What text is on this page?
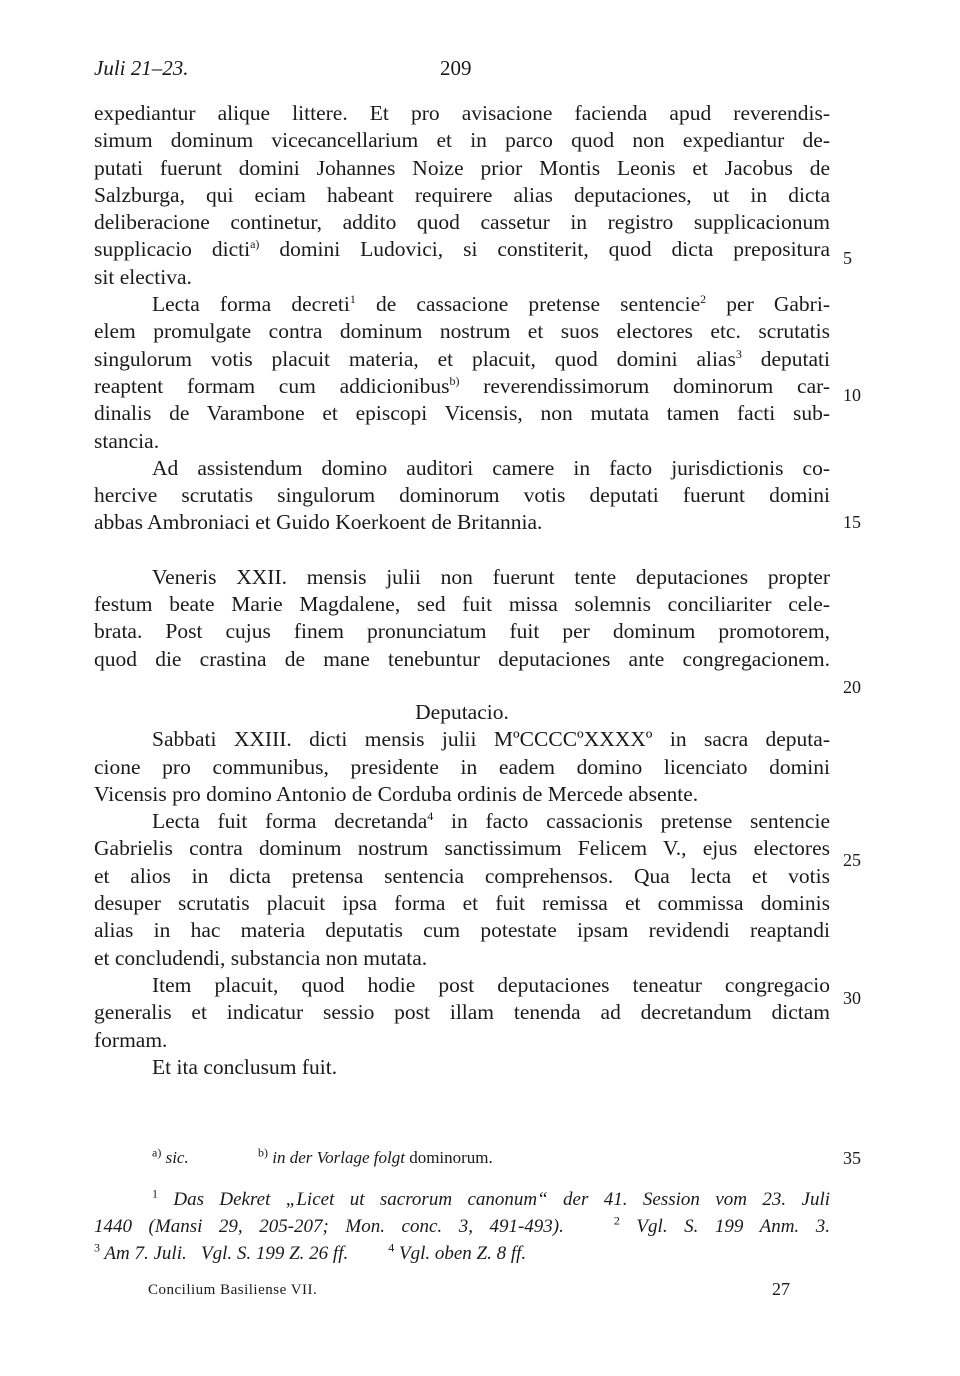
Juli 21–23.	209
expediantur alique littere. Et pro avisacione facienda apud reverendis-
simum dominum vicecancellarium et in parco quod non expediantur de-
putati fuerunt domini Johannes Noize prior Montis Leonis et Jacobus de
Salzburga, qui eciam habeant requirere alias deputaciones, ut in dicta
deliberacione continetur, addito quod cassetur in registro supplicacionum
supplicacio dicti$^{a)}$ domini Ludovici, si constiterit, quod dicta prepositura
sit electiva.
Lecta forma decreti$^1$ de cassacione pretense sentencie$^2$ per Gabri-
elem promulgate contra dominum nostrum et suos electores etc. scrutatis
singulorum votis placuit materia, et placuit, quod domini alias$^3$ deputati
reaptent formam cum addicionibus$^{b)}$ reverendissimorum dominorum car-
dinalis de Varambone et episcopi Vicensis, non mutata tamen facti sub-
stancia.
Ad assistendum domino auditori camere in facto jurisdictionis co-
hercive scrutatis singulorum dominorum votis deputati fuerunt domini
abbas Ambroniaci et Guido Koerkoent de Britannia.
Veneris XXII. mensis julii non fuerunt tente deputaciones propter
festum beate Marie Magdalene, sed fuit missa solemnis conciliariter cele-
brata. Post cujus finem pronunciatum fuit per dominum promotorem,
quod die crastina de mane tenebuntur deputaciones ante congregacionem.
Deputacio.
Sabbati XXIII. dicti mensis julii MºCCCCºXXXXº in sacra deputa-
cione pro communibus, presidente in eadem domino licenciato domini
Vicensis pro domino Antonio de Corduba ordinis de Mercede absente.
Lecta fuit forma decretanda$^4$ in facto cassacionis pretense sentencie
Gabrielis contra dominum nostrum sanctissimum Felicem V., ejus electores
et alios in dicta pretensa sentencia comprehensos. Qua lecta et votis
desuper scrutatis placuit ipsa forma et fuit remissa et commissa dominis
alias in hac materia deputatis cum potestate ipsam revidendi reaptandi
et concludendi, substancia non mutata.
Item placuit, quod hodie post deputaciones teneatur congregacio
generalis et indicatur sessio post illam tenenda ad decretandum dictam
formam.
Et ita conclusum fuit.
5
10
15
20
25
30
$^{a)}$ sic.	$^{b)}$ in der Vorlage folgt dominorum.	35
$^1$ Das Dekret „Licet ut sacrorum canonum“ der 41. Session vom 23. Juli
1440 (Mansi 29, 205-207; Mon. conc. 3, 491-493).	$^2$ Vgl. S. 199 Anm. 3.
$^3$ Am 7. Juli.   Vgl. S. 199 Z. 26 ff.	$^4$ Vgl. oben Z. 8 ff.
Concilium Basiliense VII.	27
